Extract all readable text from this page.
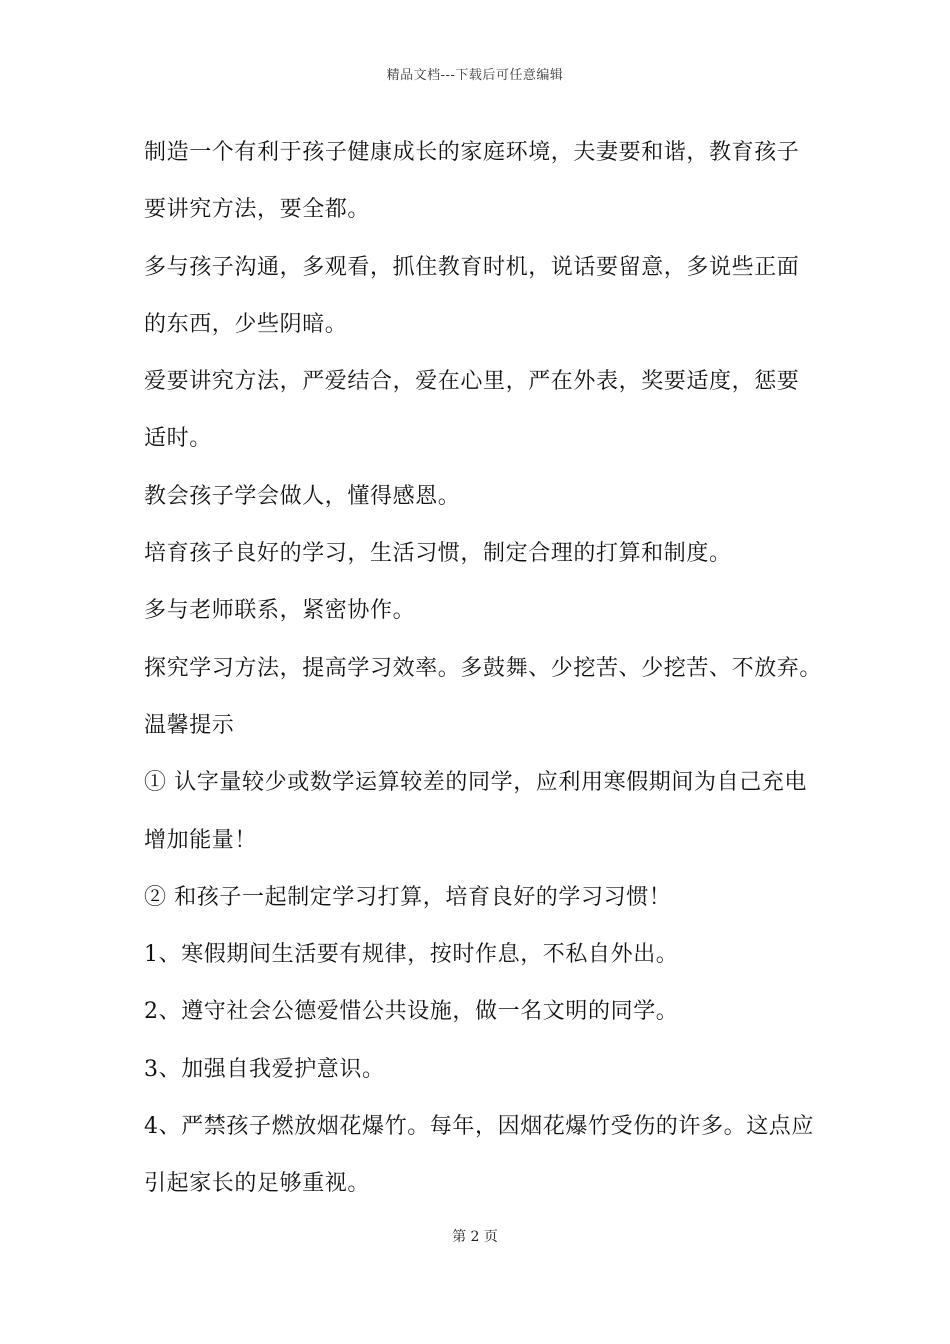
精品文档---下载后可任意编辑
制造一个有利于孩子健康成长的家庭环境，夫妻要和谐，教育孩子
要讲究方法，要全都。
多与孩子沟通，多观看，抓住教育时机，说话要留意，多说些正面
的东西，少些阴暗。
爱要讲究方法，严爱结合，爱在心里，严在外表，奖要适度，惩要
适时。
教会孩子学会做人，懂得感恩。
培育孩子良好的学习，生活习惯，制定合理的打算和制度。
多与老师联系，紧密协作。
探究学习方法，提高学习效率。多鼓舞、少挖苦、少挖苦、不放弃。
温馨提示
① 认字量较少或数学运算较差的同学，应利用寒假期间为自己充电
增加能量！
② 和孩子一起制定学习打算，培育良好的学习习惯！
1、寒假期间生活要有规律，按时作息，不私自外出。
2、遵守社会公德爱惜公共设施，做一名文明的同学。
3、加强自我爱护意识。
4、严禁孩子燃放烟花爆竹。每年，因烟花爆竹受伤的许多。这点应
引起家长的足够重视。
第 2 页
